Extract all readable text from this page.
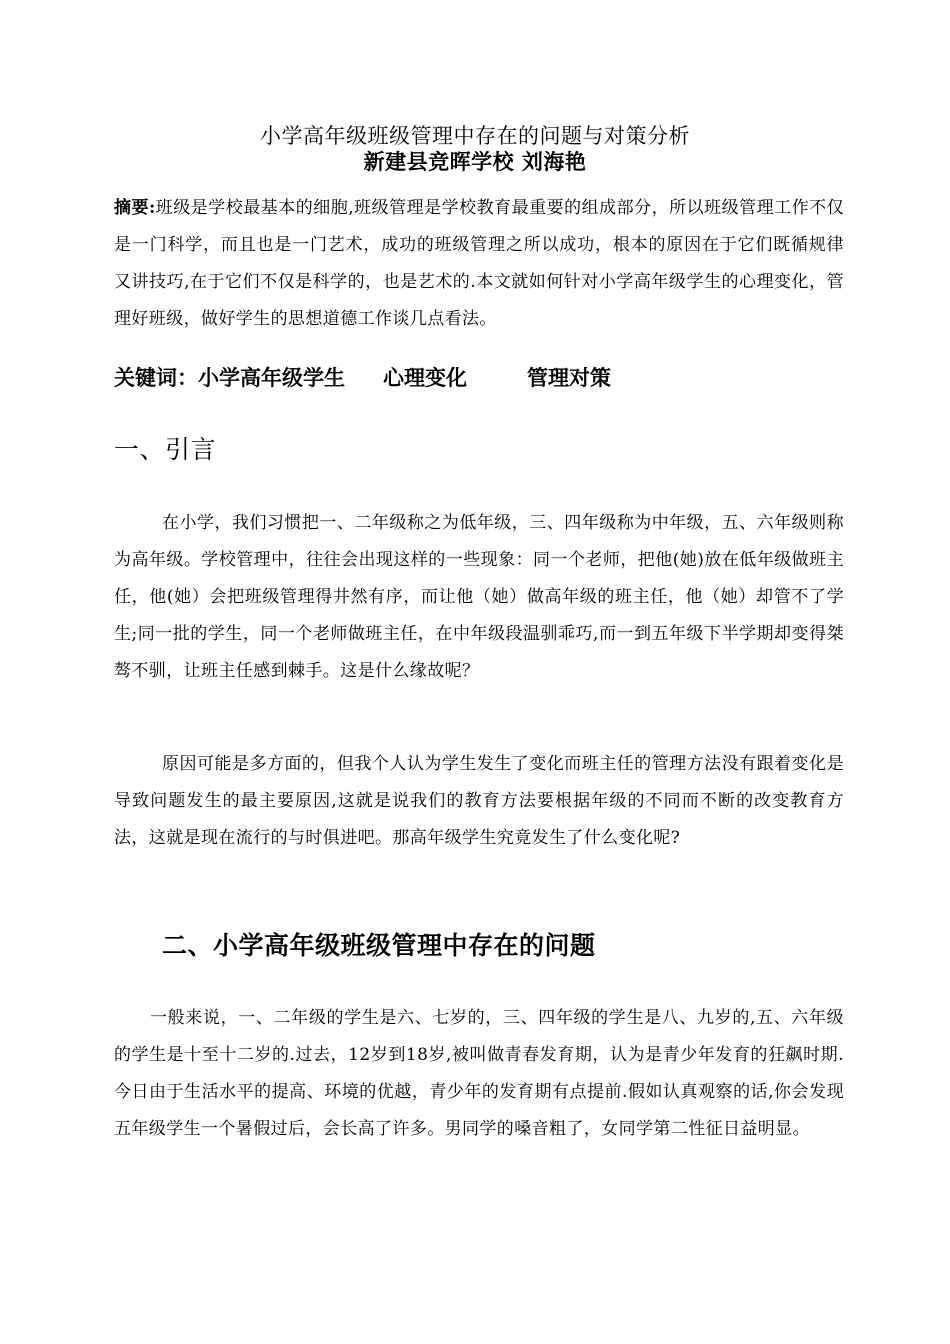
小学高年级班级管理中存在的问题与对策分析
新建县竞晖学校 刘海艳

摘要:班级是学校最基本的细胞,班级管理是学校教育最重要的组成部分，所以班级管理工作不仅是一门科学，而且也是一门艺术，成功的班级管理之所以成功，根本的原因在于它们既循规律又讲技巧,在于它们不仅是科学的，也是艺术的.本文就如何针对小学高年级学生的心理变化，管理好班级，做好学生的思想道德工作谈几点看法。

关键词：小学高年级学生 心理变化	管理对策
一、引言

在小学，我们习惯把一、二年级称之为低年级，三、四年级称为中年级，五、六年级则称为高年级。学校管理中，往往会出现这样的一些现象：同一个老师，把他(她)放在低年级做班主任，他(她）会把班级管理得井然有序，而让他（她）做高年级的班主任，他（她）却管不了学生;同一批的学生，同一个老师做班主任，在中年级段温驯乖巧,而一到五年级下半学期却变得桀骜不驯，让班主任感到棘手。这是什么缘故呢？

原因可能是多方面的，但我个人认为学生发生了变化而班主任的管理方法没有跟着变化是导致问题发生的最主要原因,这就是说我们的教育方法要根据年级的不同而不断的改变教育方法，这就是现在流行的与时俱进吧。那高年级学生究竟发生了什么变化呢?

二、小学高年级班级管理中存在的问题

一般来说，一、二年级的学生是六、七岁的，三、四年级的学生是八、九岁的,五、六年级的学生是十至十二岁的.过去，12岁到18岁,被叫做青春发育期，认为是青少年发育的狂飙时期.今日由于生活水平的提高、环境的优越，青少年的发育期有点提前.假如认真观察的话,你会发现五年级学生一个暑假过后，会长高了许多。男同学的嗓音粗了，女同学第二性征日益明显。
